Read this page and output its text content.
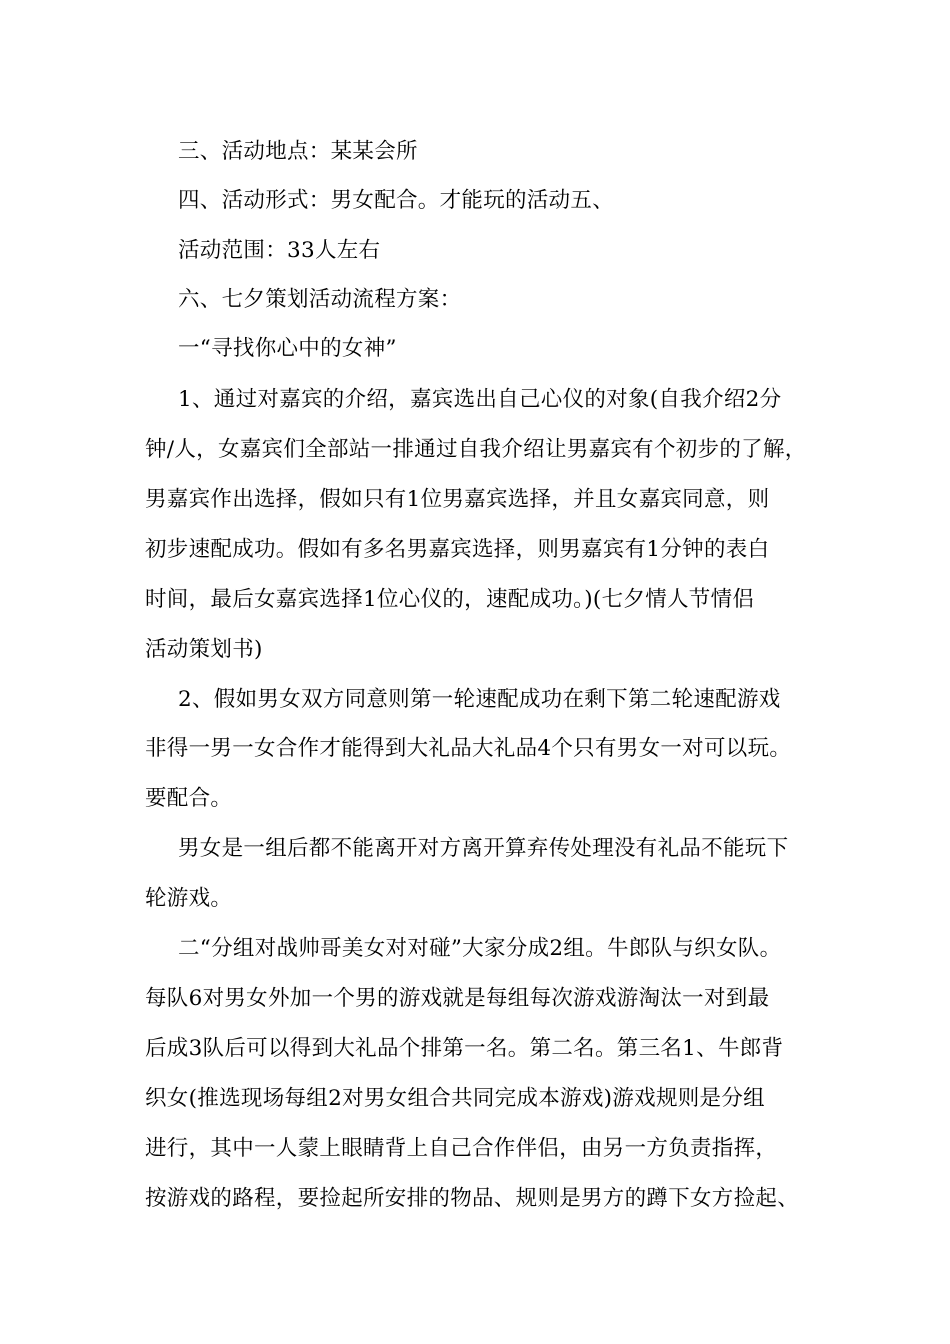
三、活动地点：某某会所
四、活动形式：男女配合。才能玩的活动五、
活动范围：33人左右
六、七夕策划活动流程方案：
一“寻找你心中的女神”
1、通过对嘉宾的介绍，嘉宾选出自己心仪的对象(自我介绍2分
钟/人，女嘉宾们全部站一排通过自我介绍让男嘉宾有个初步的了解，
男嘉宾作出选择，假如只有1位男嘉宾选择，并且女嘉宾同意，则
初步速配成功。假如有多名男嘉宾选择，则男嘉宾有1分钟的表白
时间，最后女嘉宾选择1位心仪的，速配成功。)(七夕情人节情侣
活动策划书)
2、假如男女双方同意则第一轮速配成功在剩下第二轮速配游戏
非得一男一女合作才能得到大礼品大礼品4个只有男女一对可以玩。
要配合。
男女是一组后都不能离开对方离开算弃传处理没有礼品不能玩下
轮游戏。
二“分组对战帅哥美女对对碰”大家分成2组。牛郎队与织女队。
每队6对男女外加一个男的游戏就是每组每次游戏游淘汰一对到最
后成3队后可以得到大礼品个排第一名。第二名。第三名1、牛郎背
织女(推选现场每组2对男女组合共同完成本游戏)游戏规则是分组
进行，其中一人蒙上眼睛背上自己合作伴侣，由另一方负责指挥，
按游戏的路程，要捡起所安排的物品、规则是男方的蹲下女方捡起、
